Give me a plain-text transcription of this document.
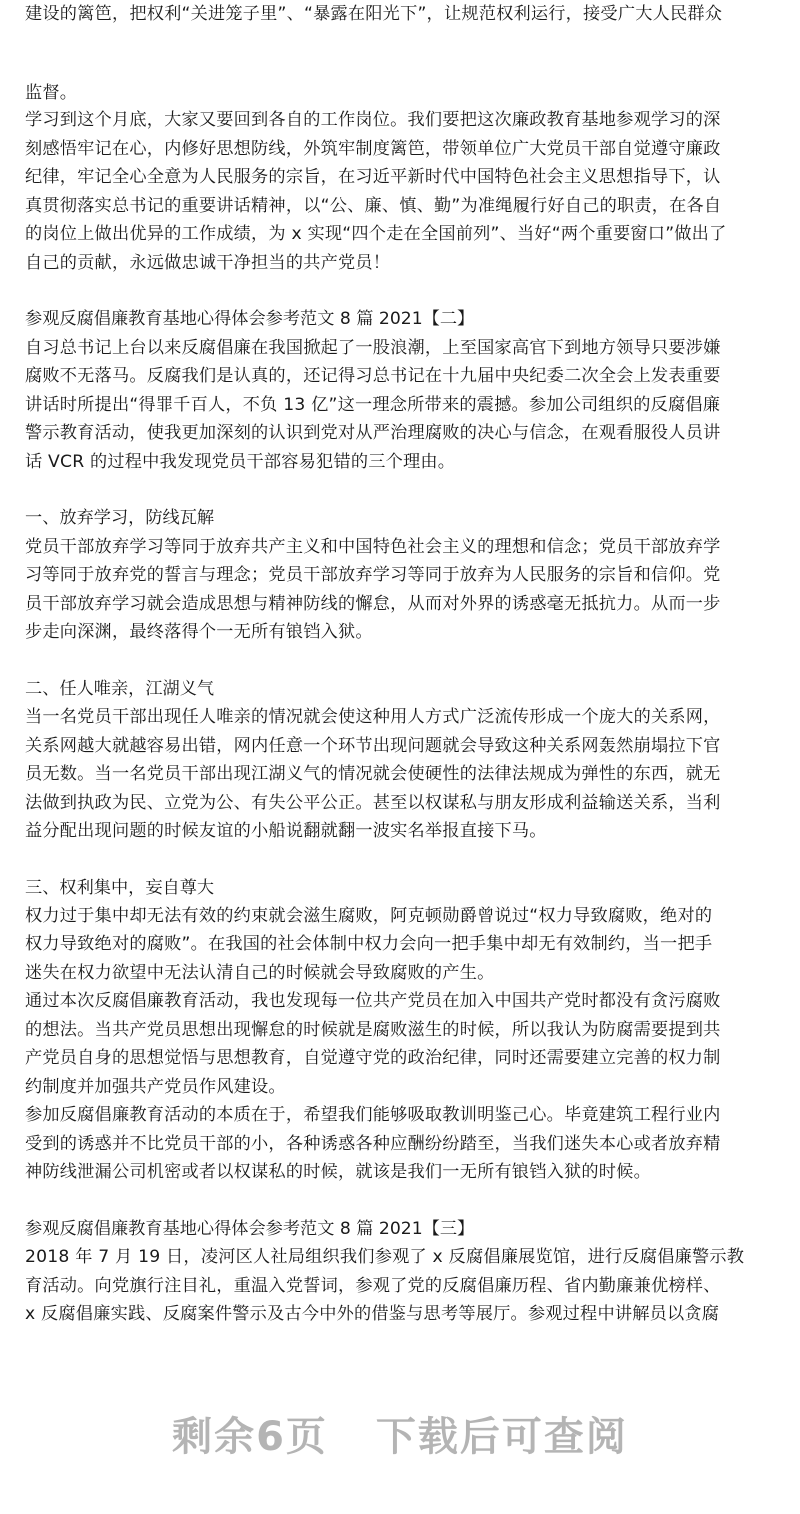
建设的篱笆，把权利“关进笼子里”、“暴露在阳光下”，让规范权利运行，接受广大人民群众
监督。
学习到这个月底，大家又要回到各自的工作岗位。我们要把这次廉政教育基地参观学习的深
刻感悟牢记在心，内修好思想防线，外筑牢制度篱笆，带领单位广大党员干部自觉遵守廉政
纪律，牢记全心全意为人民服务的宗旨，在习近平新时代中国特色社会主义思想指导下，认
真贯彻落实总书记的重要讲话精神，以“公、廉、慎、勤”为准绳履行好自己的职责，在各自
的岗位上做出优异的工作成绩，为 x 实现“四个走在全国前列”、当好“两个重要窗口”做出了
自己的贡献，永远做忠诚干净担当的共产党员！
参观反腐倡廉教育基地心得体会参考范文 8 篇 2021【二】
自习总书记上台以来反腐倡廉在我国掀起了一股浪潮，上至国家高官下到地方领导只要涉嫌
腐败不无落马。反腐我们是认真的，还记得习总书记在十九届中央纪委二次全会上发表重要
讲话时所提出“得罪千百人，不负 13 亿”这一理念所带来的震撼。参加公司组织的反腐倡廉
警示教育活动，使我更加深刻的认识到党对从严治理腐败的决心与信念，在观看服役人员讲
话 VCR 的过程中我发现党员干部容易犯错的三个理由。
一、放弃学习，防线瓦解
党员干部放弃学习等同于放弃共产主义和中国特色社会主义的理想和信念；党员干部放弃学
习等同于放弃党的誓言与理念；党员干部放弃学习等同于放弃为人民服务的宗旨和信仰。党
员干部放弃学习就会造成思想与精神防线的懈怠，从而对外界的诱惑毫无抵抗力。从而一步
步走向深渊，最终落得个一无所有锒铛入狱。
二、任人唯亲，江湖义气
当一名党员干部出现任人唯亲的情况就会使这种用人方式广泛流传形成一个庞大的关系网，
关系网越大就越容易出错，网内任意一个环节出现问题就会导致这种关系网轰然崩塌拉下官
员无数。当一名党员干部出现江湖义气的情况就会使硬性的法律法规成为弹性的东西，就无
法做到执政为民、立党为公、有失公平公正。甚至以权谋私与朋友形成利益输送关系，当利
益分配出现问题的时候友谊的小船说翻就翻一波实名举报直接下马。
三、权利集中，妄自尊大
权力过于集中却无法有效的约束就会滋生腐败，阿克顿勋爵曾说过“权力导致腐败，绝对的
权力导致绝对的腐败”。在我国的社会体制中权力会向一把手集中却无有效制约，当一把手
迷失在权力欲望中无法认清自己的时候就会导致腐败的产生。
通过本次反腐倡廉教育活动，我也发现每一位共产党员在加入中国共产党时都没有贪污腐败
的想法。当共产党员思想出现懈怠的时候就是腐败滋生的时候，所以我认为防腐需要提到共
产党员自身的思想觉悟与思想教育，自觉遵守党的政治纪律，同时还需要建立完善的权力制
约制度并加强共产党员作风建设。
参加反腐倡廉教育活动的本质在于，希望我们能够吸取教训明鉴己心。毕竟建筑工程行业内
受到的诱惑并不比党员干部的小，各种诱惑各种应酬纷纷踏至，当我们迷失本心或者放弃精
神防线泄漏公司机密或者以权谋私的时候，就该是我们一无所有锒铛入狱的时候。
参观反腐倡廉教育基地心得体会参考范文 8 篇 2021【三】
2018 年 7 月 19 日，凌河区人社局组织我们参观了 x 反腐倡廉展览馆，进行反腐倡廉警示教
育活动。向党旗行注目礼，重温入党誓词，参观了党的反腐倡廉历程、省内勤廉兼优榜样、
x 反腐倡廉实践、反腐案件警示及古今中外的借鉴与思考等展厅。参观过程中讲解员以贪腐
剩余6页 下载后可查阅
